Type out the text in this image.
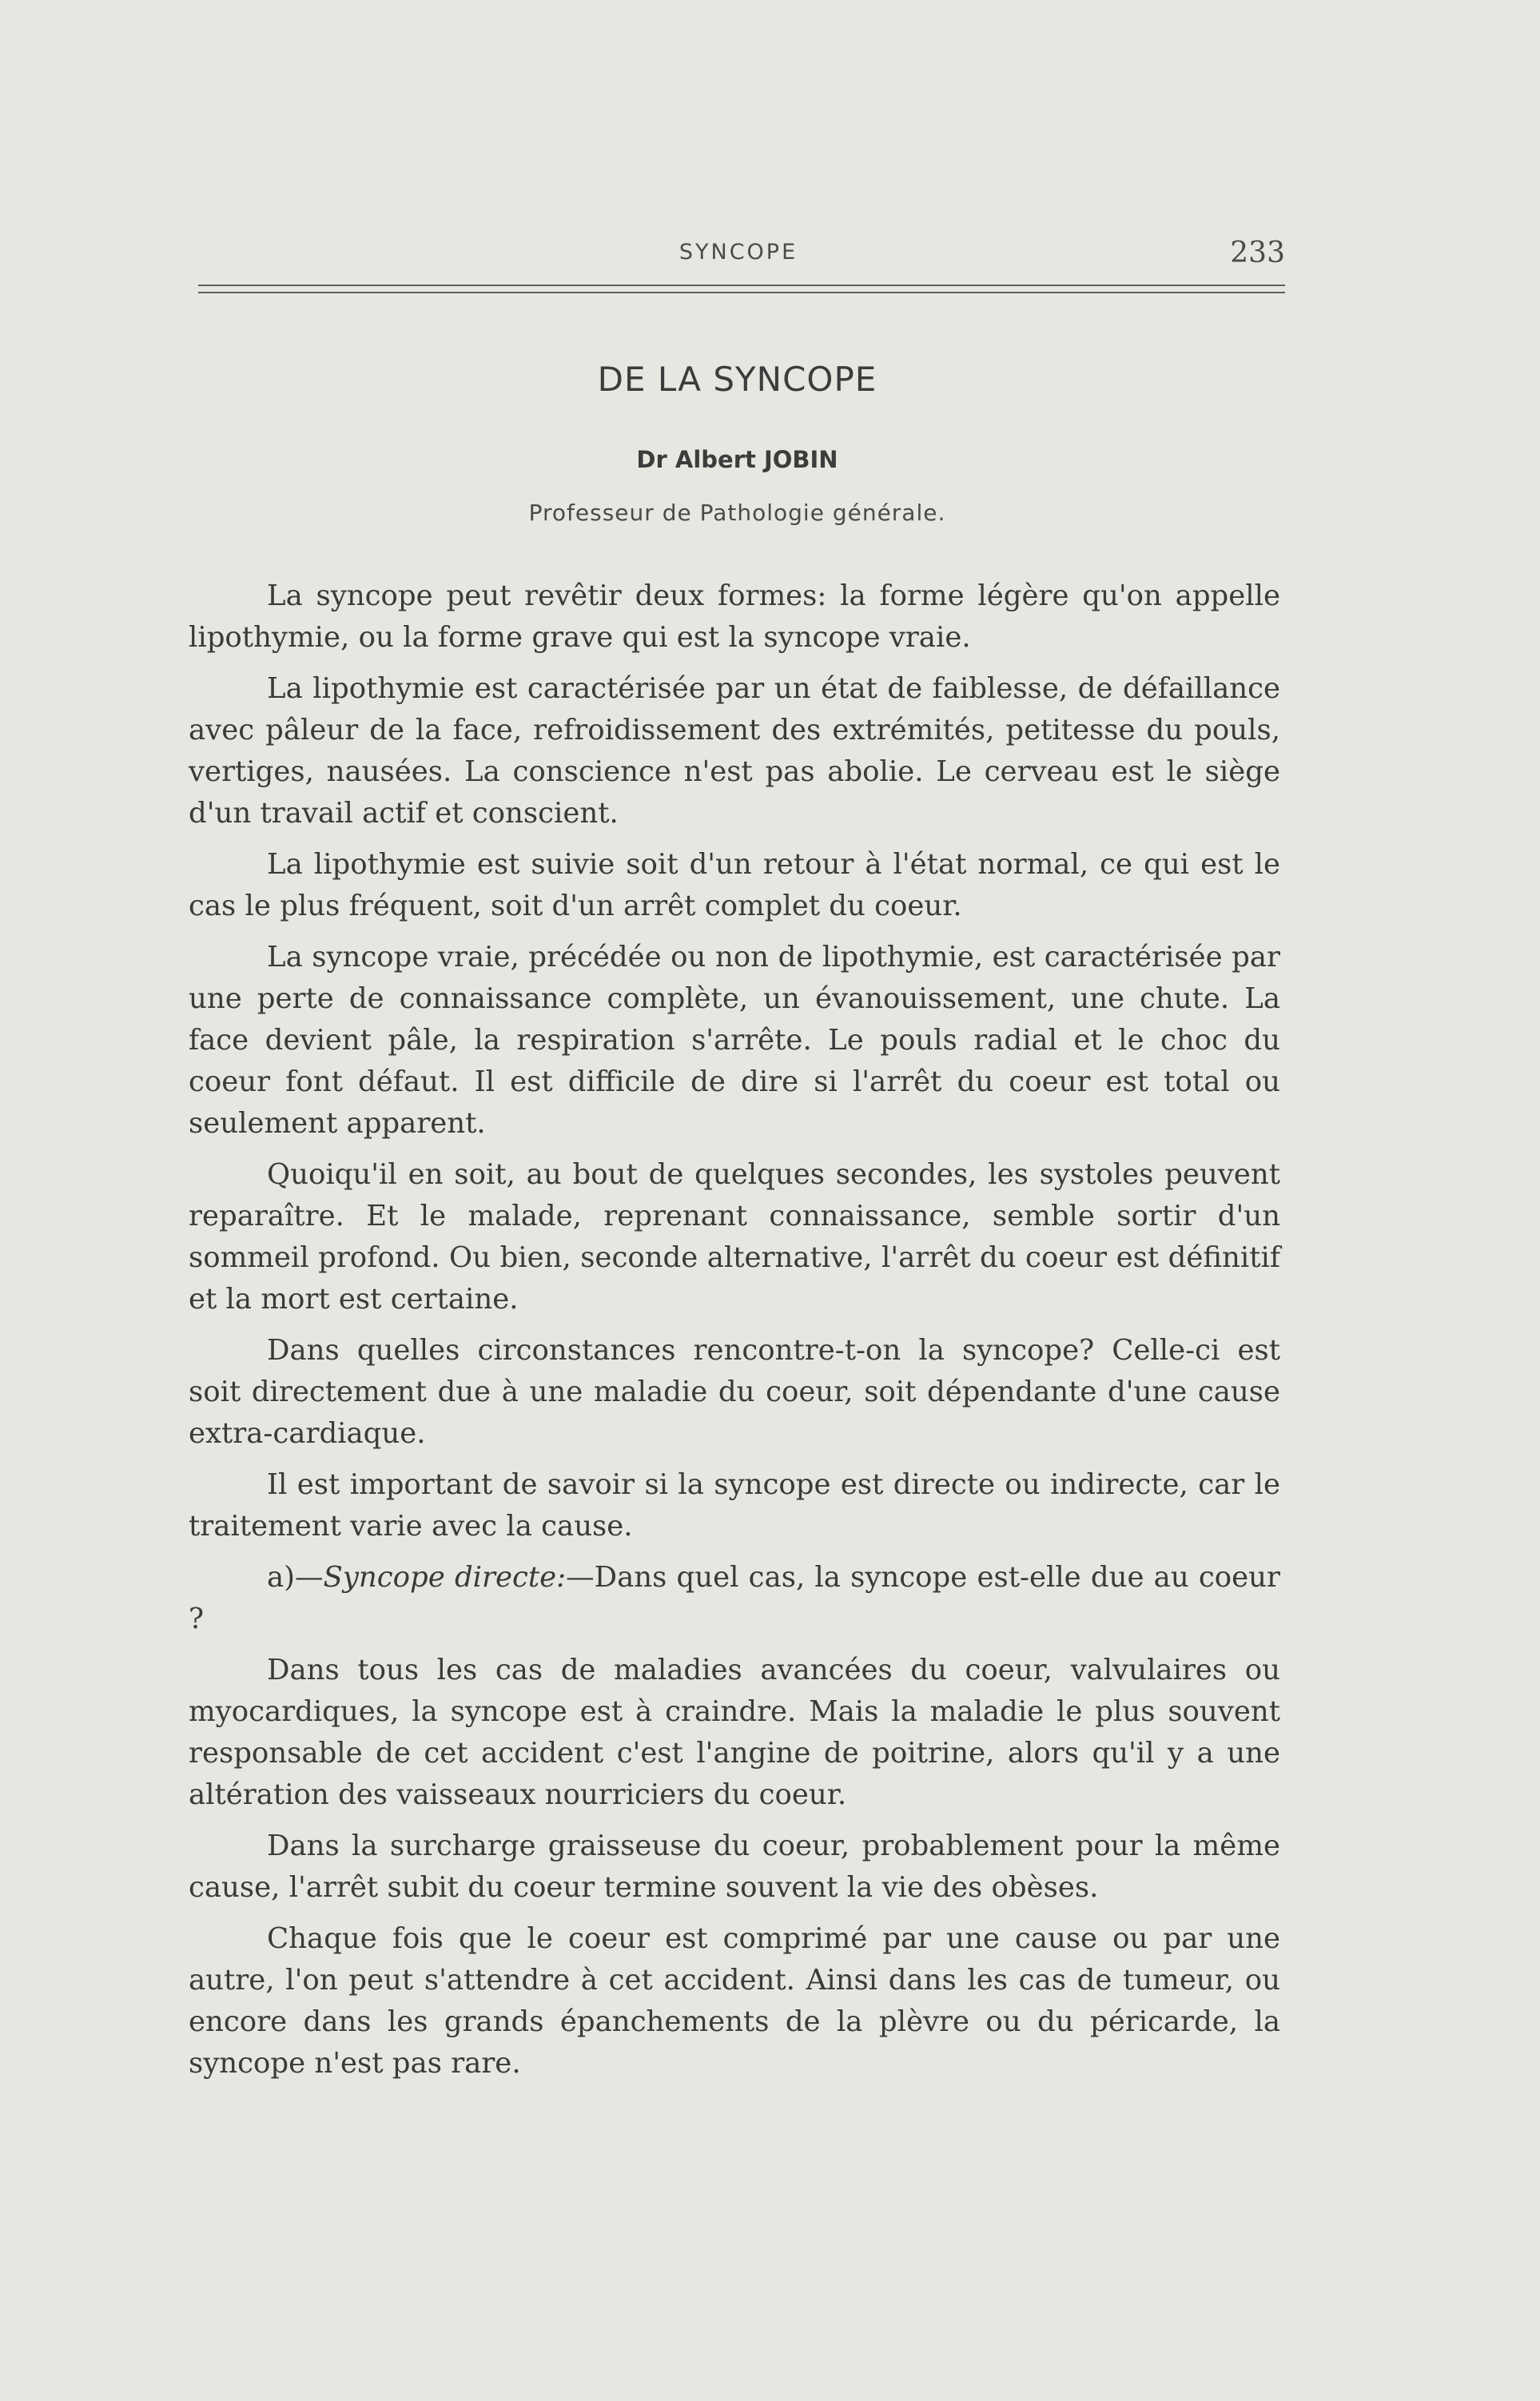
SYNCOPE	233
DE LA SYNCOPE
Dr Albert JOBIN
Professeur de Pathologie générale.

La syncope peut revêtir deux formes: la forme légère qu'on appelle lipothymie, ou la forme grave qui est la syncope vraie.

La lipothymie est caractérisée par un état de faiblesse, de défaillance avec pâleur de la face, refroidissement des extrémités, petitesse du pouls, vertiges, nausées. La conscience n'est pas abolie. Le cerveau est le siège d'un travail actif et conscient.

La lipothymie est suivie soit d'un retour à l'état normal, ce qui est le cas le plus fréquent, soit d'un arrêt complet du coeur.

La syncope vraie, précédée ou non de lipothymie, est caractérisée par une perte de connaissance complète, un évanouissement, une chute. La face devient pâle, la respiration s'arrête. Le pouls radial et le choc du coeur font défaut. Il est difficile de dire si l'arrêt du coeur est total ou seulement apparent.

Quoiqu'il en soit, au bout de quelques secondes, les systoles peuvent reparaître. Et le malade, reprenant connaissance, semble sortir d'un sommeil profond. Ou bien, seconde alternative, l'arrêt du coeur est définitif et la mort est certaine.

Dans quelles circonstances rencontre-t-on la syncope? Celle-ci est soit directement due à une maladie du coeur, soit dépendante d'une cause extra-cardiaque.

Il est important de savoir si la syncope est directe ou indirecte, car le traitement varie avec la cause.

a)—Syncope directe:—Dans quel cas, la syncope est-elle due au coeur ?

Dans tous les cas de maladies avancées du coeur, valvulaires ou myocardiques, la syncope est à craindre. Mais la maladie le plus souvent responsable de cet accident c'est l'angine de poitrine, alors qu'il y a une altération des vaisseaux nourriciers du coeur.

Dans la surcharge graisseuse du coeur, probablement pour la même cause, l'arrêt subit du coeur termine souvent la vie des obèses.

Chaque fois que le coeur est comprimé par une cause ou par une autre, l'on peut s'attendre à cet accident. Ainsi dans les cas de tumeur, ou encore dans les grands épanchements de la plèvre ou du péricarde, la syncope n'est pas rare.
